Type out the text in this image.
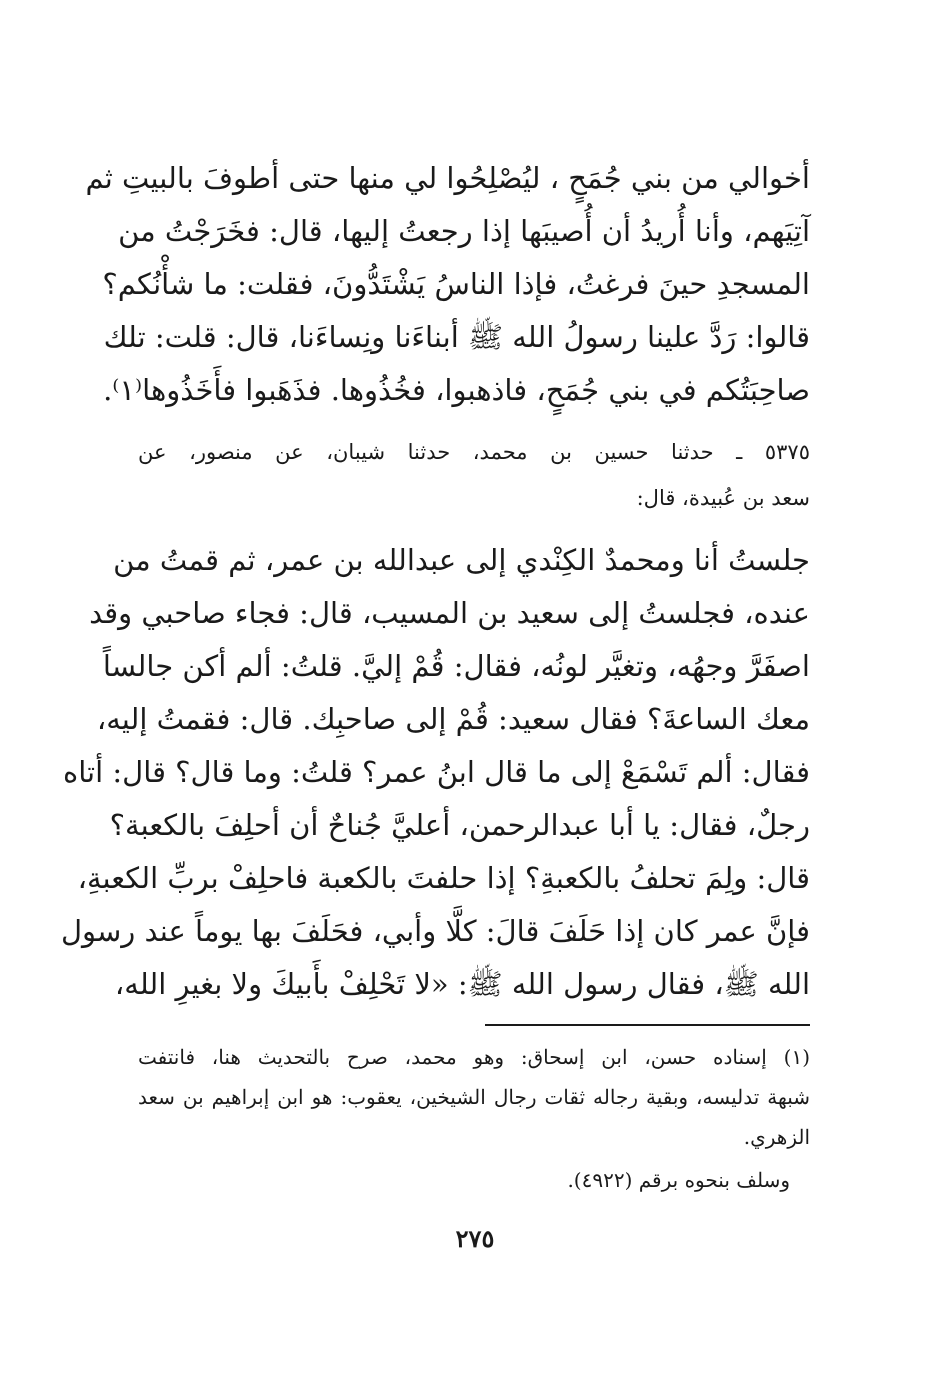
أخوالي من بني جُمَحٍ ، ليُصْلِحُوا لي منها حتى أطوفَ بالبيتِ ثم
آتِيَهم، وأنا أُريدُ أن أُصيبَها إذا رجعتُ إليها، قال: فخَرَجْتُ من
المسجدِ حينَ فرغتُ، فإذا الناسُ يَشْتَدُّونَ، فقلت: ما شأْنُكم؟
قالوا: رَدَّ علينا رسولُ الله ﷺ أبناءَنا ونِساءَنا، قال: قلت: تلك
صاحِبَتُكم في بني جُمَحٍ، فاذهبوا، فخُذُوها. فذَهَبوا فأَخَذُوها⁽١⁾.
٥٣٧٥ ـ حدثنا حسين بن محمد، حدثنا شيبان، عن منصور، عن
سعد بن عُبيدة، قال:
جلستُ أنا ومحمدٌ الكِنْدي إلى عبدالله بن عمر، ثم قمتُ من
عنده، فجلستُ إلى سعيد بن المسيب، قال: فجاء صاحبي وقد
اصفَرَّ وجهُه، وتغيَّر لونُه، فقال: قُمْ إليَّ. قلتُ: ألم أكن جالساً
معك الساعةَ؟ فقال سعيد: قُمْ إلى صاحبِك. قال: فقمتُ إليه،
فقال: ألم تَسْمَعْ إلى ما قال ابنُ عمر؟ قلتُ: وما قال؟ قال: أتاه
رجلٌ، فقال: يا أبا عبدالرحمن، أعليَّ جُناحٌ أن أحلِفَ بالكعبة؟
قال: ولِمَ تحلفُ بالكعبةِ؟ إذا حلفتَ بالكعبة فاحلِفْ بربِّ الكعبةِ،
فإنَّ عمر كان إذا حَلَفَ قالَ: كلَّا وأبي، فحَلَفَ بها يوماً عند رسول
الله ﷺ، فقال رسول الله ﷺ: «لا تَحْلِفْ بأَبيكَ ولا بغيرِ الله،
(١) إسناده حسن، ابن إسحاق: وهو محمد، صرح بالتحديث هنا، فانتفت
شبهة تدليسه، وبقية رجاله ثقات رجال الشيخين، يعقوب: هو ابن إبراهيم بن سعد
الزهري.
وسلف بنحوه برقم (٤٩٢٢).
٢٧٥
